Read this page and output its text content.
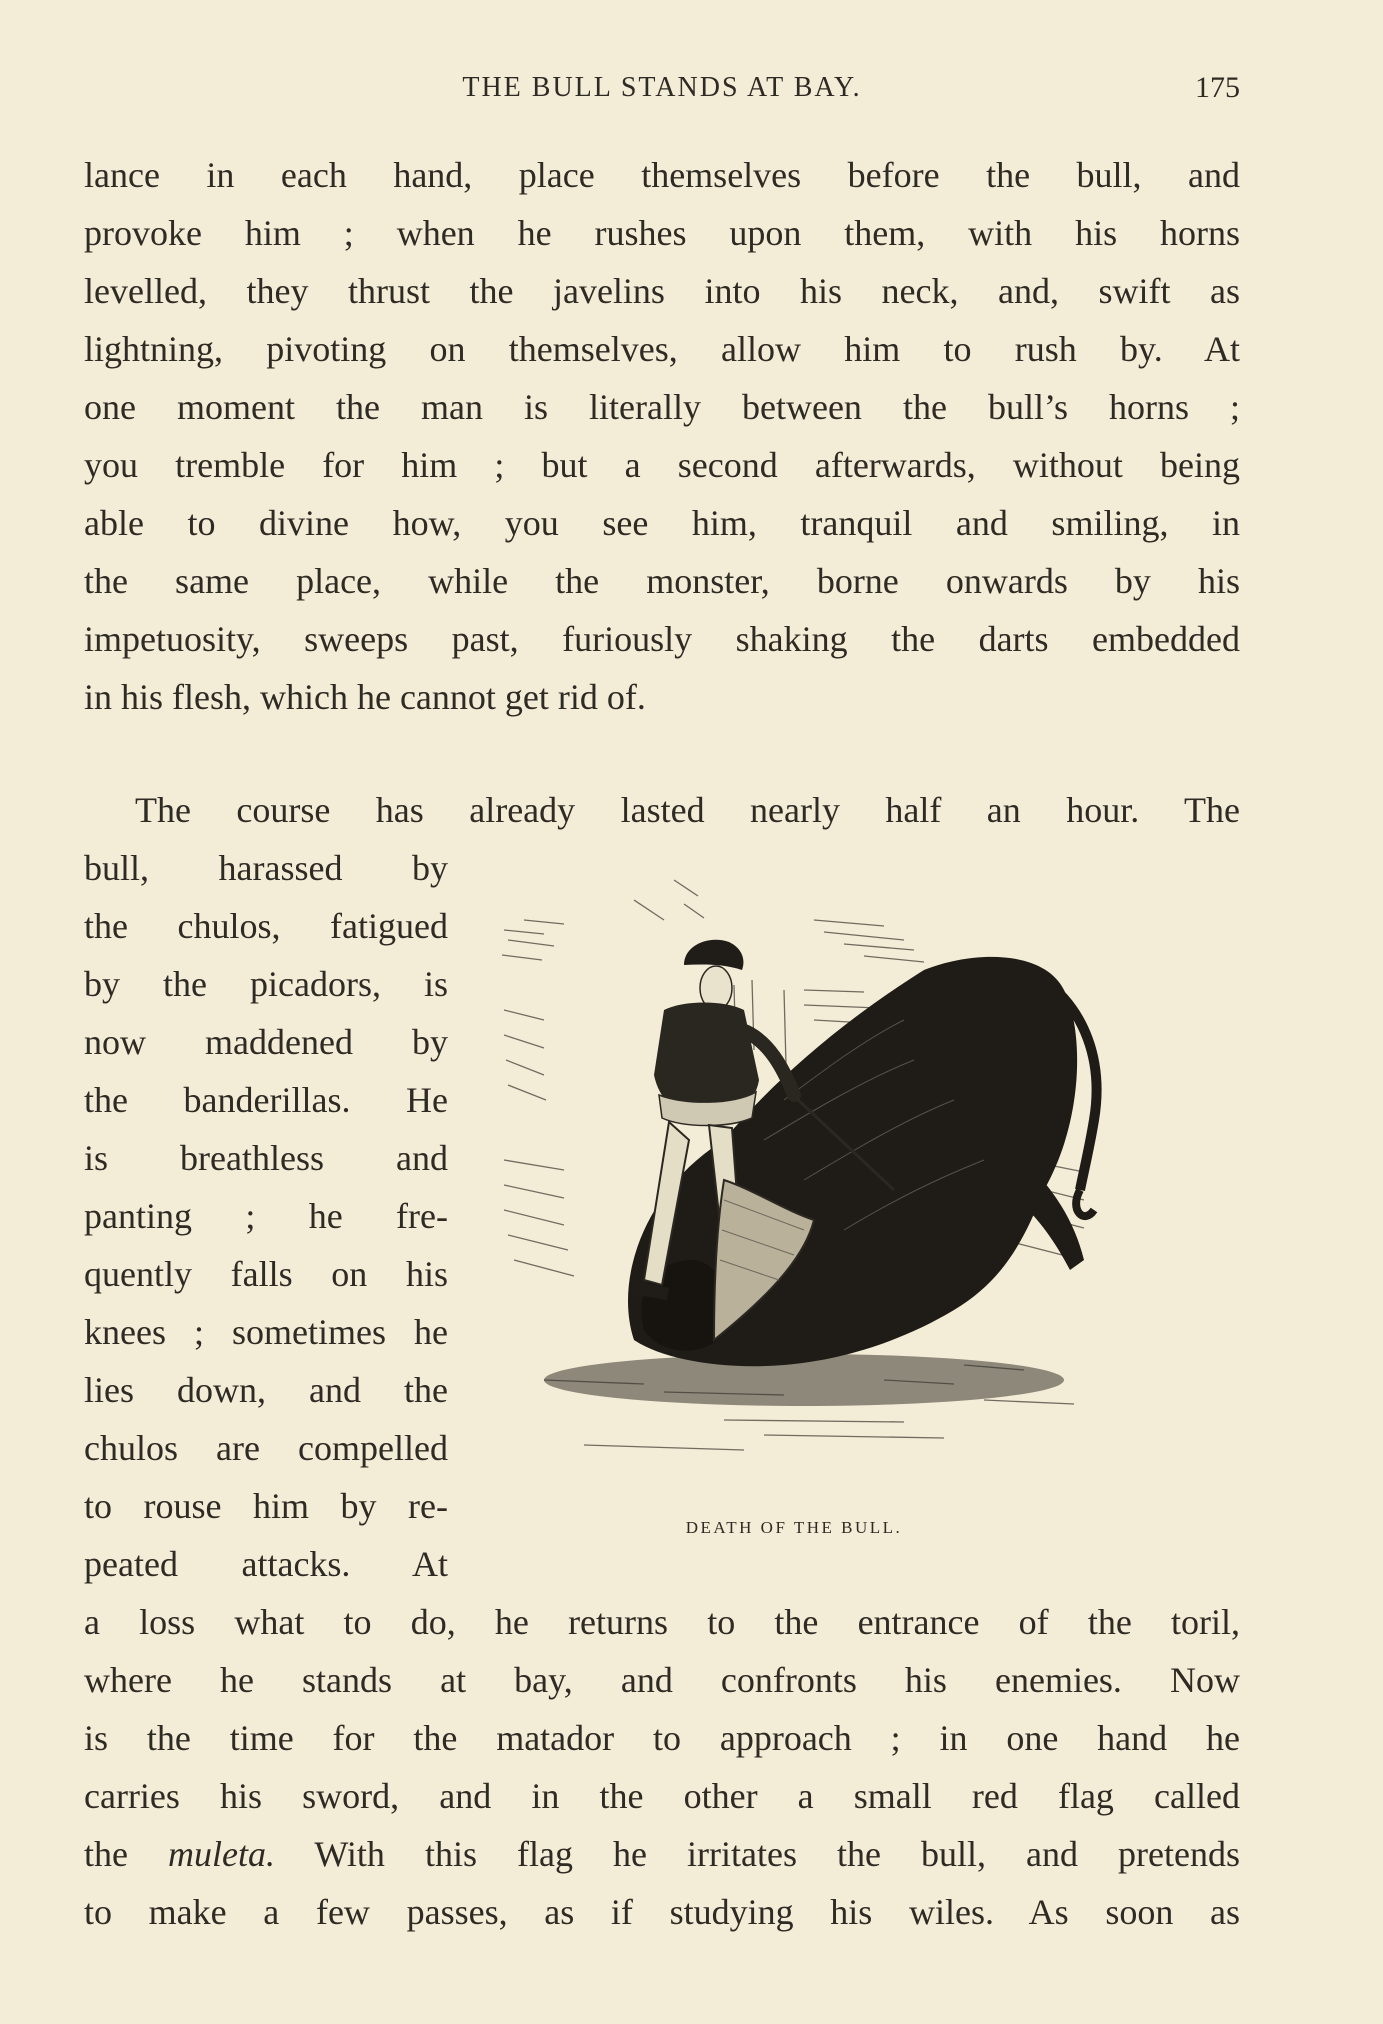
THE BULL STANDS AT BAY.	175
lance in each hand, place themselves before the bull, and
provoke him ; when he rushes upon them, with his horns
levelled, they thrust the javelins into his neck, and, swift as
lightning, pivoting on themselves, allow him to rush by. At
one moment the man is literally between the bull’s horns ;
you tremble for him ; but a second afterwards, without being
able to divine how, you see him, tranquil and smiling, in
the same place, while the monster, borne onwards by his
impetuosity, sweeps past, furiously shaking the darts embedded
in his flesh, which he cannot get rid of.
The course has already lasted nearly half an hour. The
bull, harassed by
the chulos, fatigued
by the picadors, is
now maddened by
the banderillas. He
is breathless and
panting ; he fre-
quently falls on his
knees ; sometimes he
lies down, and the
chulos are compelled
to rouse him by re-
peated attacks. At
a loss what to do, he returns to the entrance of the toril,
where he stands at bay, and confronts his enemies. Now
is the time for the matador to approach ; in one hand he
carries his sword, and in the other a small red flag called
the muleta. With this flag he irritates the bull, and pretends
to make a few passes, as if studying his wiles. As soon as
DEATH OF THE BULL.
